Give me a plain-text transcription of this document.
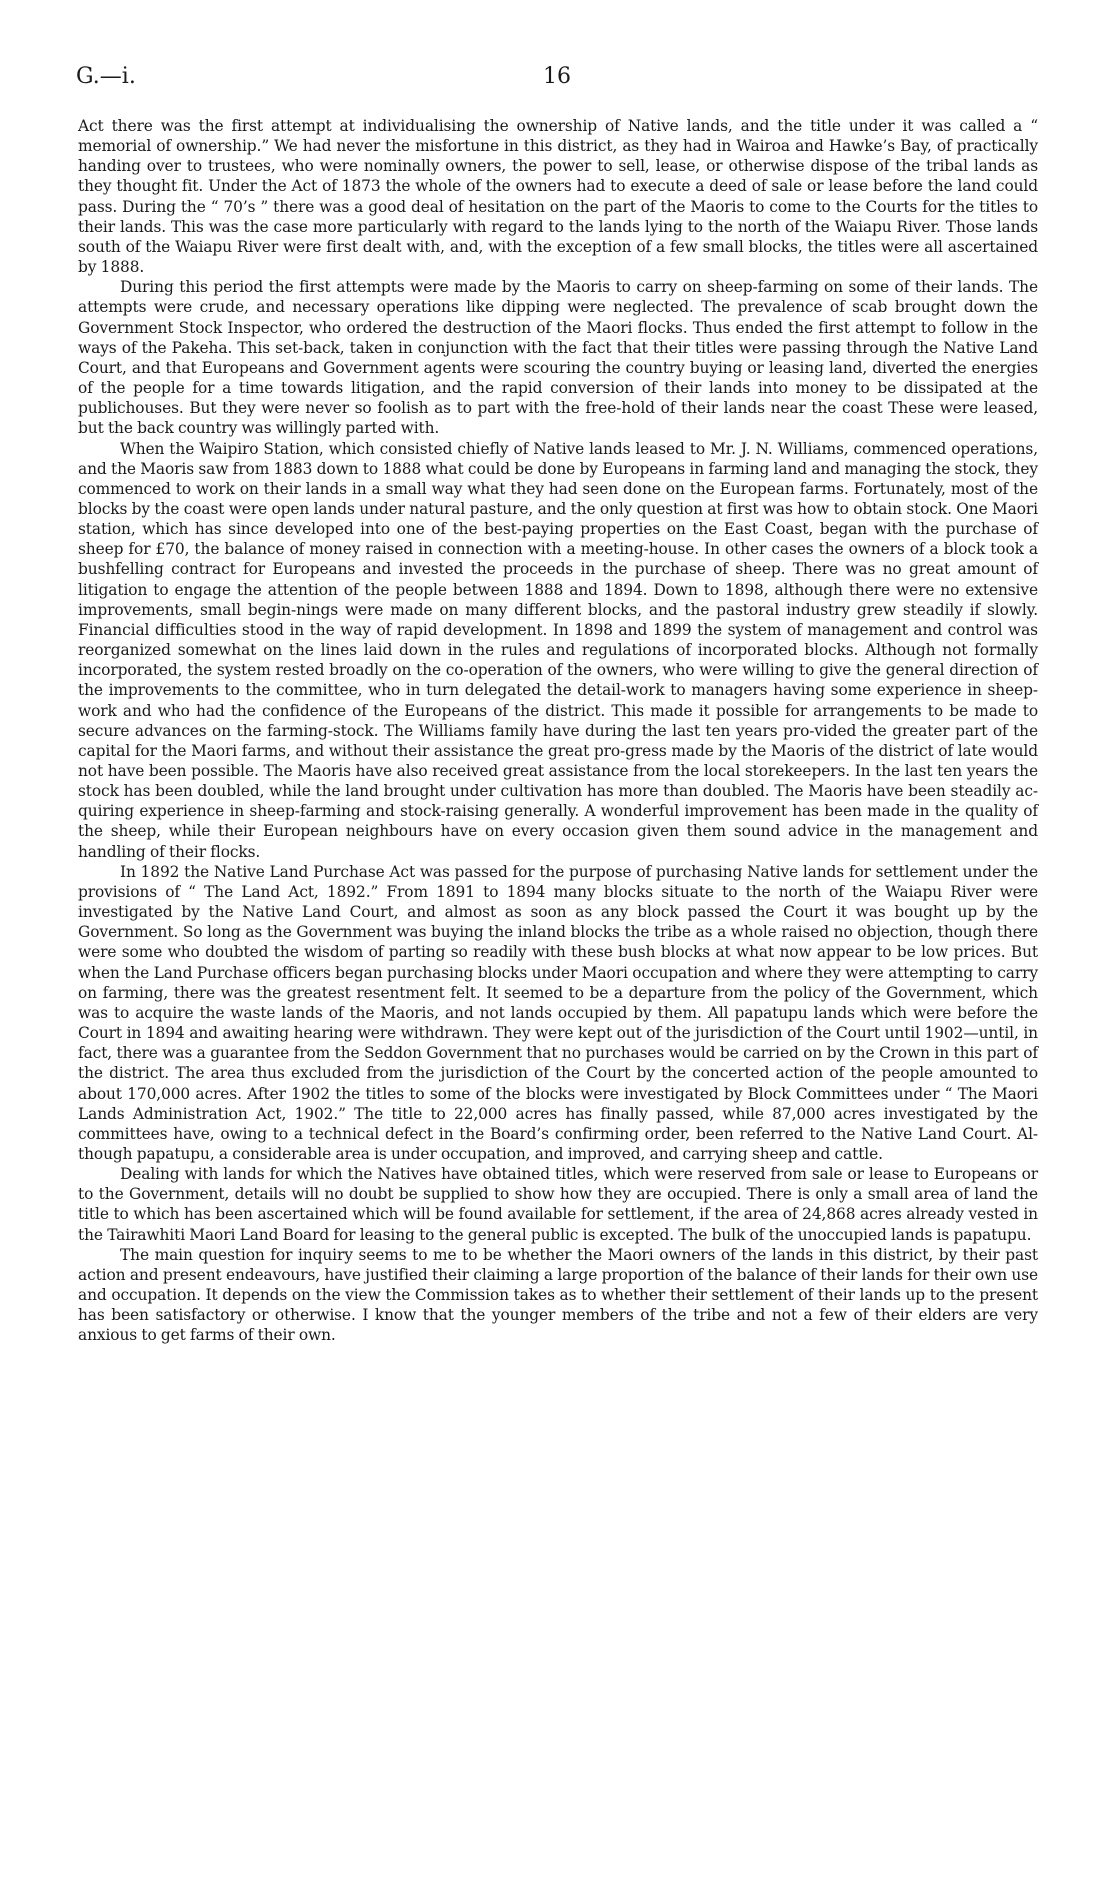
G.—i.	16

Act there was the first attempt at individualising the ownership of Native lands, and the title under it was called a “ memorial of ownership.” We had never the misfortune in this district, as they had in Wairoa and Hawke’s Bay, of practically handing over to trustees, who were nominally owners, the power to sell, lease, or otherwise dispose of the tribal lands as they thought fit. Under the Act of 1873 the whole of the owners had to execute a deed of sale or lease before the land could pass. During the “ 70’s ” there was a good deal of hesitation on the part of the Maoris to come to the Courts for the titles to their lands. This was the case more particularly with regard to the lands lying to the north of the Waiapu River. Those lands south of the Waiapu River were first dealt with, and, with the exception of a few small blocks, the titles were all ascertained by 1888.

During this period the first attempts were made by the Maoris to carry on sheep-farming on some of their lands. The attempts were crude, and necessary operations like dipping were neglected. The prevalence of scab brought down the Government Stock Inspector, who ordered the destruction of the Maori flocks. Thus ended the first attempt to follow in the ways of the Pakeha. This set-back, taken in conjunction with the fact that their titles were passing through the Native Land Court, and that Europeans and Government agents were scouring the country buying or leasing land, diverted the energies of the people for a time towards litigation, and the rapid conversion of their lands into money to be dissipated at the publichouses. But they were never so foolish as to part with the free-hold of their lands near the coast These were leased, but the back country was willingly parted with.

When the Waipiro Station, which consisted chiefly of Native lands leased to Mr. J. N. Williams, commenced operations, and the Maoris saw from 1883 down to 1888 what could be done by Europeans in farming land and managing the stock, they commenced to work on their lands in a small way what they had seen done on the European farms. Fortunately, most of the blocks by the coast were open lands under natural pasture, and the only question at first was how to obtain stock. One Maori station, which has since developed into one of the best-paying properties on the East Coast, began with the purchase of sheep for £70, the balance of money raised in connection with a meeting-house. In other cases the owners of a block took a bushfelling contract for Europeans and invested the proceeds in the purchase of sheep. There was no great amount of litigation to engage the attention of the people between 1888 and 1894. Down to 1898, although there were no extensive improvements, small begin-nings were made on many different blocks, and the pastoral industry grew steadily if slowly. Financial difficulties stood in the way of rapid development. In 1898 and 1899 the system of management and control was reorganized somewhat on the lines laid down in the rules and regulations of incorporated blocks. Although not formally incorporated, the system rested broadly on the co-operation of the owners, who were willing to give the general direction of the improvements to the committee, who in turn delegated the detail-work to managers having some experience in sheep-work and who had the confidence of the Europeans of the district. This made it possible for arrangements to be made to secure advances on the farming-stock. The Williams family have during the last ten years pro-vided the greater part of the capital for the Maori farms, and without their assistance the great pro-gress made by the Maoris of the district of late would not have been possible. The Maoris have also received great assistance from the local storekeepers. In the last ten years the stock has been doubled, while the land brought under cultivation has more than doubled. The Maoris have been steadily ac-quiring experience in sheep-farming and stock-raising generally. A wonderful improvement has been made in the quality of the sheep, while their European neighbours have on every occasion given them sound advice in the management and handling of their flocks.

In 1892 the Native Land Purchase Act was passed for the purpose of purchasing Native lands for settlement under the provisions of “ The Land Act, 1892.” From 1891 to 1894 many blocks situate to the north of the Waiapu River were investigated by the Native Land Court, and almost as soon as any block passed the Court it was bought up by the Government. So long as the Government was buying the inland blocks the tribe as a whole raised no objection, though there were some who doubted the wisdom of parting so readily with these bush blocks at what now appear to be low prices. But when the Land Purchase officers began purchasing blocks under Maori occupation and where they were attempting to carry on farming, there was the greatest resentment felt. It seemed to be a departure from the policy of the Government, which was to acquire the waste lands of the Maoris, and not lands occupied by them. All papatupu lands which were before the Court in 1894 and awaiting hearing were withdrawn. They were kept out of the jurisdiction of the Court until 1902—until, in fact, there was a guarantee from the Seddon Government that no purchases would be carried on by the Crown in this part of the district. The area thus excluded from the jurisdiction of the Court by the concerted action of the people amounted to about 170,000 acres. After 1902 the titles to some of the blocks were investigated by Block Committees under “ The Maori Lands Administration Act, 1902.” The title to 22,000 acres has finally passed, while 87,000 acres investigated by the committees have, owing to a technical defect in the Board’s confirming order, been referred to the Native Land Court. Al-though papatupu, a considerable area is under occupation, and improved, and carrying sheep and cattle.

Dealing with lands for which the Natives have obtained titles, which were reserved from sale or lease to Europeans or to the Government, details will no doubt be supplied to show how they are occupied. There is only a small area of land the title to which has been ascertained which will be found available for settlement, if the area of 24,868 acres already vested in the Tairawhiti Maori Land Board for leasing to the general public is excepted. The bulk of the unoccupied lands is papatupu.

The main question for inquiry seems to me to be whether the Maori owners of the lands in this district, by their past action and present endeavours, have justified their claiming a large proportion of the balance of their lands for their own use and occupation. It depends on the view the Commission takes as to whether their settlement of their lands up to the present has been satisfactory or otherwise. I know that the younger members of the tribe and not a few of their elders are very anxious to get farms of their own.
